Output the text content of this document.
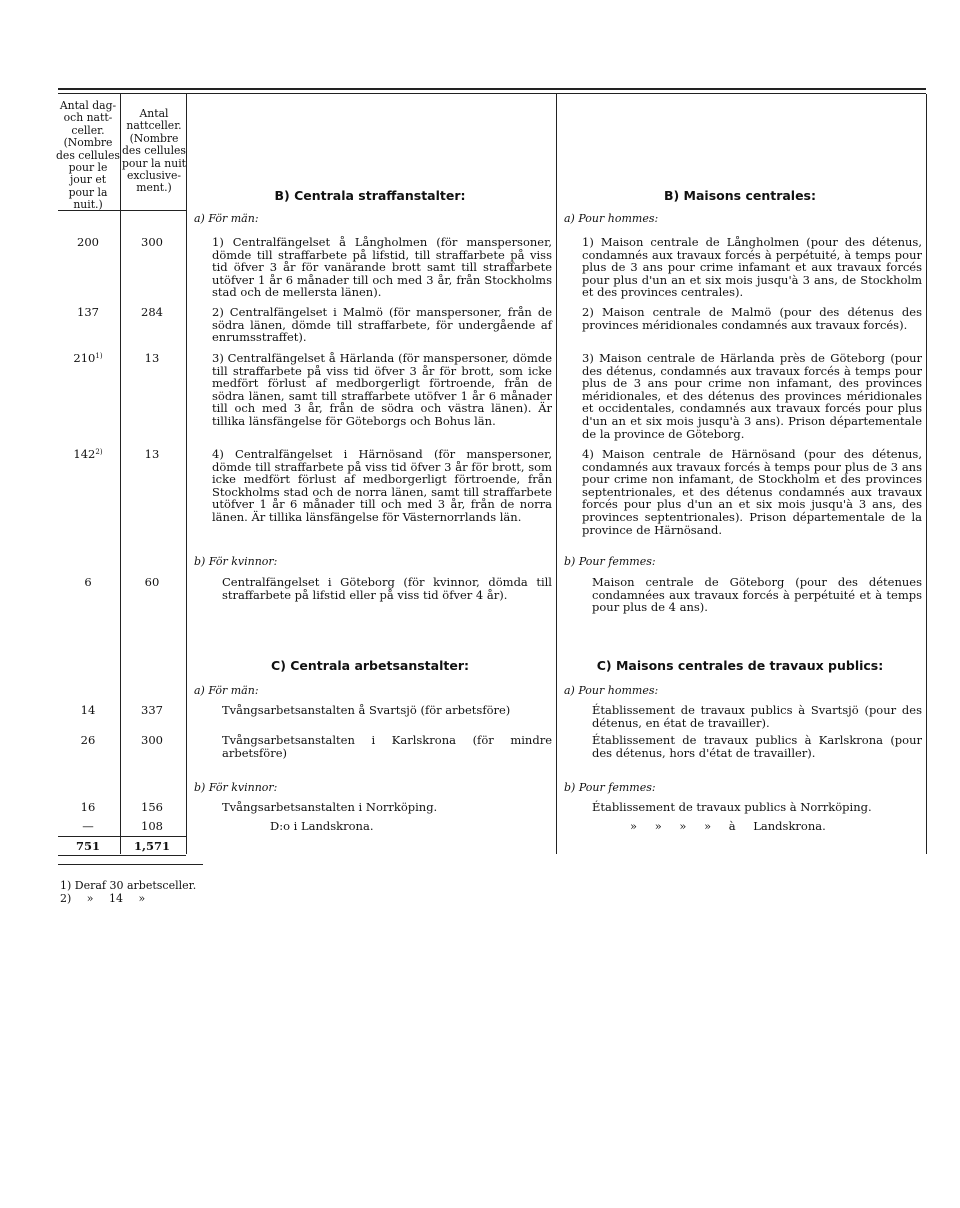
Antal dag- och natt-celler. (Nombre des cellules pour le jour et pour la nuit.)
Antal nattceller. (Nombre des cellules pour la nuit exclusive-ment.)
B) Centrala straffanstalter:	B) Maisons centrales:
a) För män:	a) Pour hommes:
200	300	1) Centralfängelset å Långholmen (för manspersoner, dömde till straffarbete på lifstid, till straffarbete på viss tid öfver 3 år för vanärande brott samt till straffarbete utöfver 1 år 6 månader till och med 3 år, från Stockholms stad och de mellersta länen).
1) Maison centrale de Långholmen (pour des détenus, condamnés aux travaux forcés à perpétuité, à temps pour plus de 3 ans pour crime infamant et aux travaux forcés pour plus d'un an et six mois jusqu'à 3 ans, de Stockholm et des provinces centrales).
137	284	2) Centralfängelset i Malmö (för manspersoner, från de södra länen, dömde till straffarbete, för undergående af enrumsstraffet).
2) Maison centrale de Malmö (pour des détenus des provinces méridionales condamnés aux travaux forcés).
210$^{1)}$	13	3) Centralfängelset å Härlanda (för manspersoner, dömde till straffarbete på viss tid öfver 3 år för brott, som icke medfört förlust af medborgerligt förtroende, från de södra länen, samt till straffarbete utöfver 1 år 6 månader till och med 3 år, från de södra och västra länen). Är tillika länsfängelse för Göteborgs och Bohus län.
3) Maison centrale de Härlanda près de Göteborg (pour des détenus, condamnés aux travaux forcés à temps pour plus de 3 ans pour crime non infamant, des provinces méridionales, et des détenus des provinces méridionales et occidentales, condamnés aux travaux forcés pour plus d'un an et six mois jusqu'à 3 ans). Prison départementale de la province de Göteborg.
142$^{2)}$	13	4) Centralfängelset i Härnösand (för manspersoner, dömde till straffarbete på viss tid öfver 3 år för brott, som icke medfört förlust af medborgerligt förtroende, från Stockholms stad och de norra länen, samt till straffarbete utöfver 1 år 6 månader till och med 3 år, från de norra länen. Är tillika länsfängelse för Västernorrlands län.
4) Maison centrale de Härnösand (pour des détenus, condamnés aux travaux forcés à temps pour plus de 3 ans pour crime non infamant, de Stockholm et des provinces septentrionales, et des détenus condamnés aux travaux forcés pour plus d'un an et six mois jusqu'à 3 ans, des provinces septentrionales). Prison départementale de la province de Härnösand.
b) För kvinnor:	b) Pour femmes:
6	60	Centralfängelset i Göteborg (för kvinnor, dömda till straffarbete på lifstid eller på viss tid öfver 4 år).
Maison centrale de Göteborg (pour des détenues condamnées aux travaux forcés à perpétuité et à temps pour plus de 4 ans).
C) Centrala arbetsanstalter:	C) Maisons centrales de travaux publics:
a) För män:	a) Pour hommes:
14	337	Tvångsarbetsanstalten å Svartsjö (för arbetsföre)	Établissement de travaux publics à Svartsjö (pour des détenus, en état de travailler).
26	300	Tvångsarbetsanstalten i Karlskrona (för mindre arbetsföre)
Établissement de travaux publics à Karlskrona (pour des détenus, hors d'état de travailler).
b) För kvinnor:	b) Pour femmes:
16	156	Tvångsarbetsanstalten i Norrköping.	Établissement de travaux publics à Norrköping.
—	108	D:o i Landskrona.	» » » » à Landskrona.
751	1,571
1) Deraf 30 arbetsceller.
2) » 14 »
